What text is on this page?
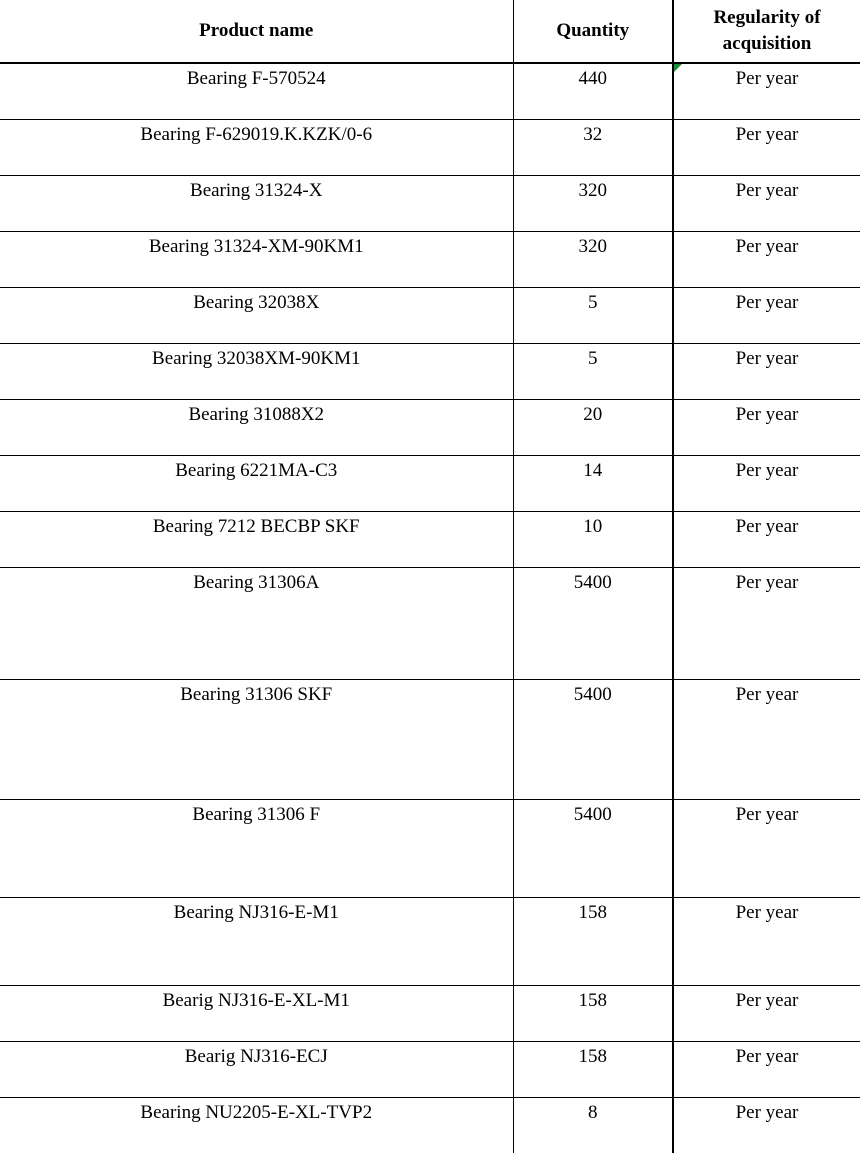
Product name	Quantity	Regularity of acquisition
Bearing F-570524	440	Per year
Bearing F-629019.K.KZK/0-6	32	Per year
Bearing 31324-X	320	Per year
Bearing 31324-XM-90KM1	320	Per year
Bearing 32038X	5	Per year
Bearing 32038XM-90KM1	5	Per year
Bearing 31088X2	20	Per year
Bearing 6221MA-C3	14	Per year
Bearing 7212 BECBP SKF	10	Per year
Bearing 31306A	5400	Per year
Bearing 31306 SKF	5400	Per year
Bearing 31306 F	5400	Per year
Bearing NJ316-E-M1	158	Per year
Bearig NJ316-E-XL-M1	158	Per year
Bearig NJ316-ECJ	158	Per year
Bearing NU2205-E-XL-TVP2	8	Per year
